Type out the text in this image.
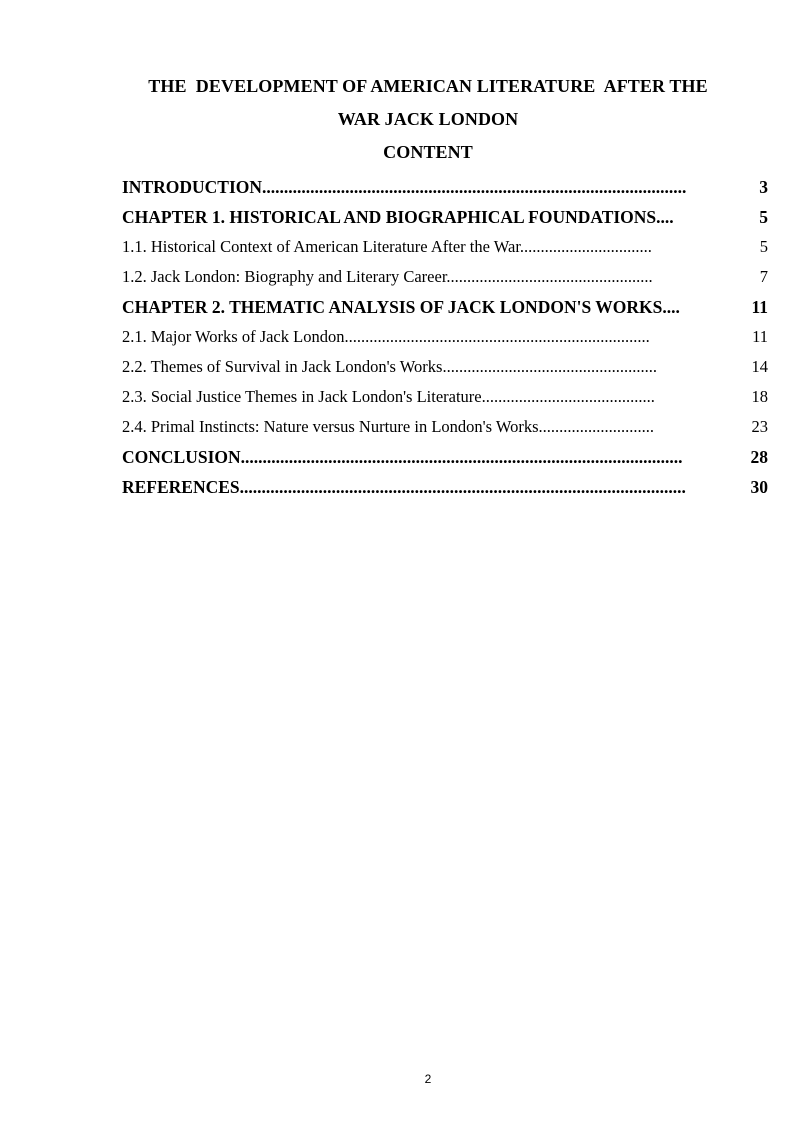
THE  DEVELOPMENT OF AMERICAN LITERATURE  AFTER THE
WAR JACK LONDON
CONTENT
INTRODUCTION.................................................................................................	3
CHAPTER 1. HISTORICAL AND BIOGRAPHICAL FOUNDATIONS....	5
1.1. Historical Context of American Literature After the War................................	5
1.2. Jack London: Biography and Literary Career..................................................	7
CHAPTER 2. THEMATIC ANALYSIS OF JACK LONDON'S WORKS....	11
2.1. Major Works of Jack London..........................................................................	11
2.2. Themes of Survival in Jack London's Works....................................................	14
2.3. Social Justice Themes in Jack London's Literature..........................................	18
2.4. Primal Instincts: Nature versus Nurture in London's Works............................	23
CONCLUSION.....................................................................................................	28
REFERENCES......................................................................................................	30
2
